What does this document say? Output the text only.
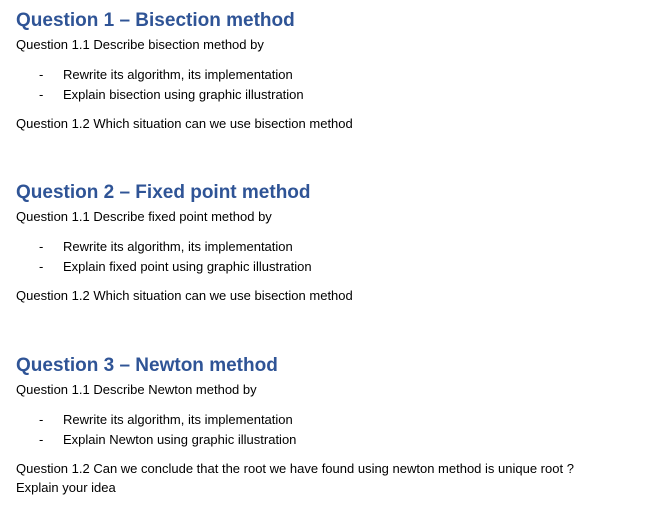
Question 1 – Bisection method

Question 1.1 Describe bisection method by

- Rewrite its algorithm, its implementation
- Explain bisection using graphic illustration

Question 1.2 Which situation can we use bisection method

Question 2 – Fixed point method

Question 1.1 Describe fixed point method by

- Rewrite its algorithm, its implementation
- Explain fixed point using graphic illustration

Question 1.2 Which situation can we use bisection method

Question 3 – Newton method

Question 1.1 Describe Newton method by

- Rewrite its algorithm, its implementation
- Explain Newton using graphic illustration

Question 1.2 Can we conclude that the root we have found using newton method is unique root ?

Explain your idea
